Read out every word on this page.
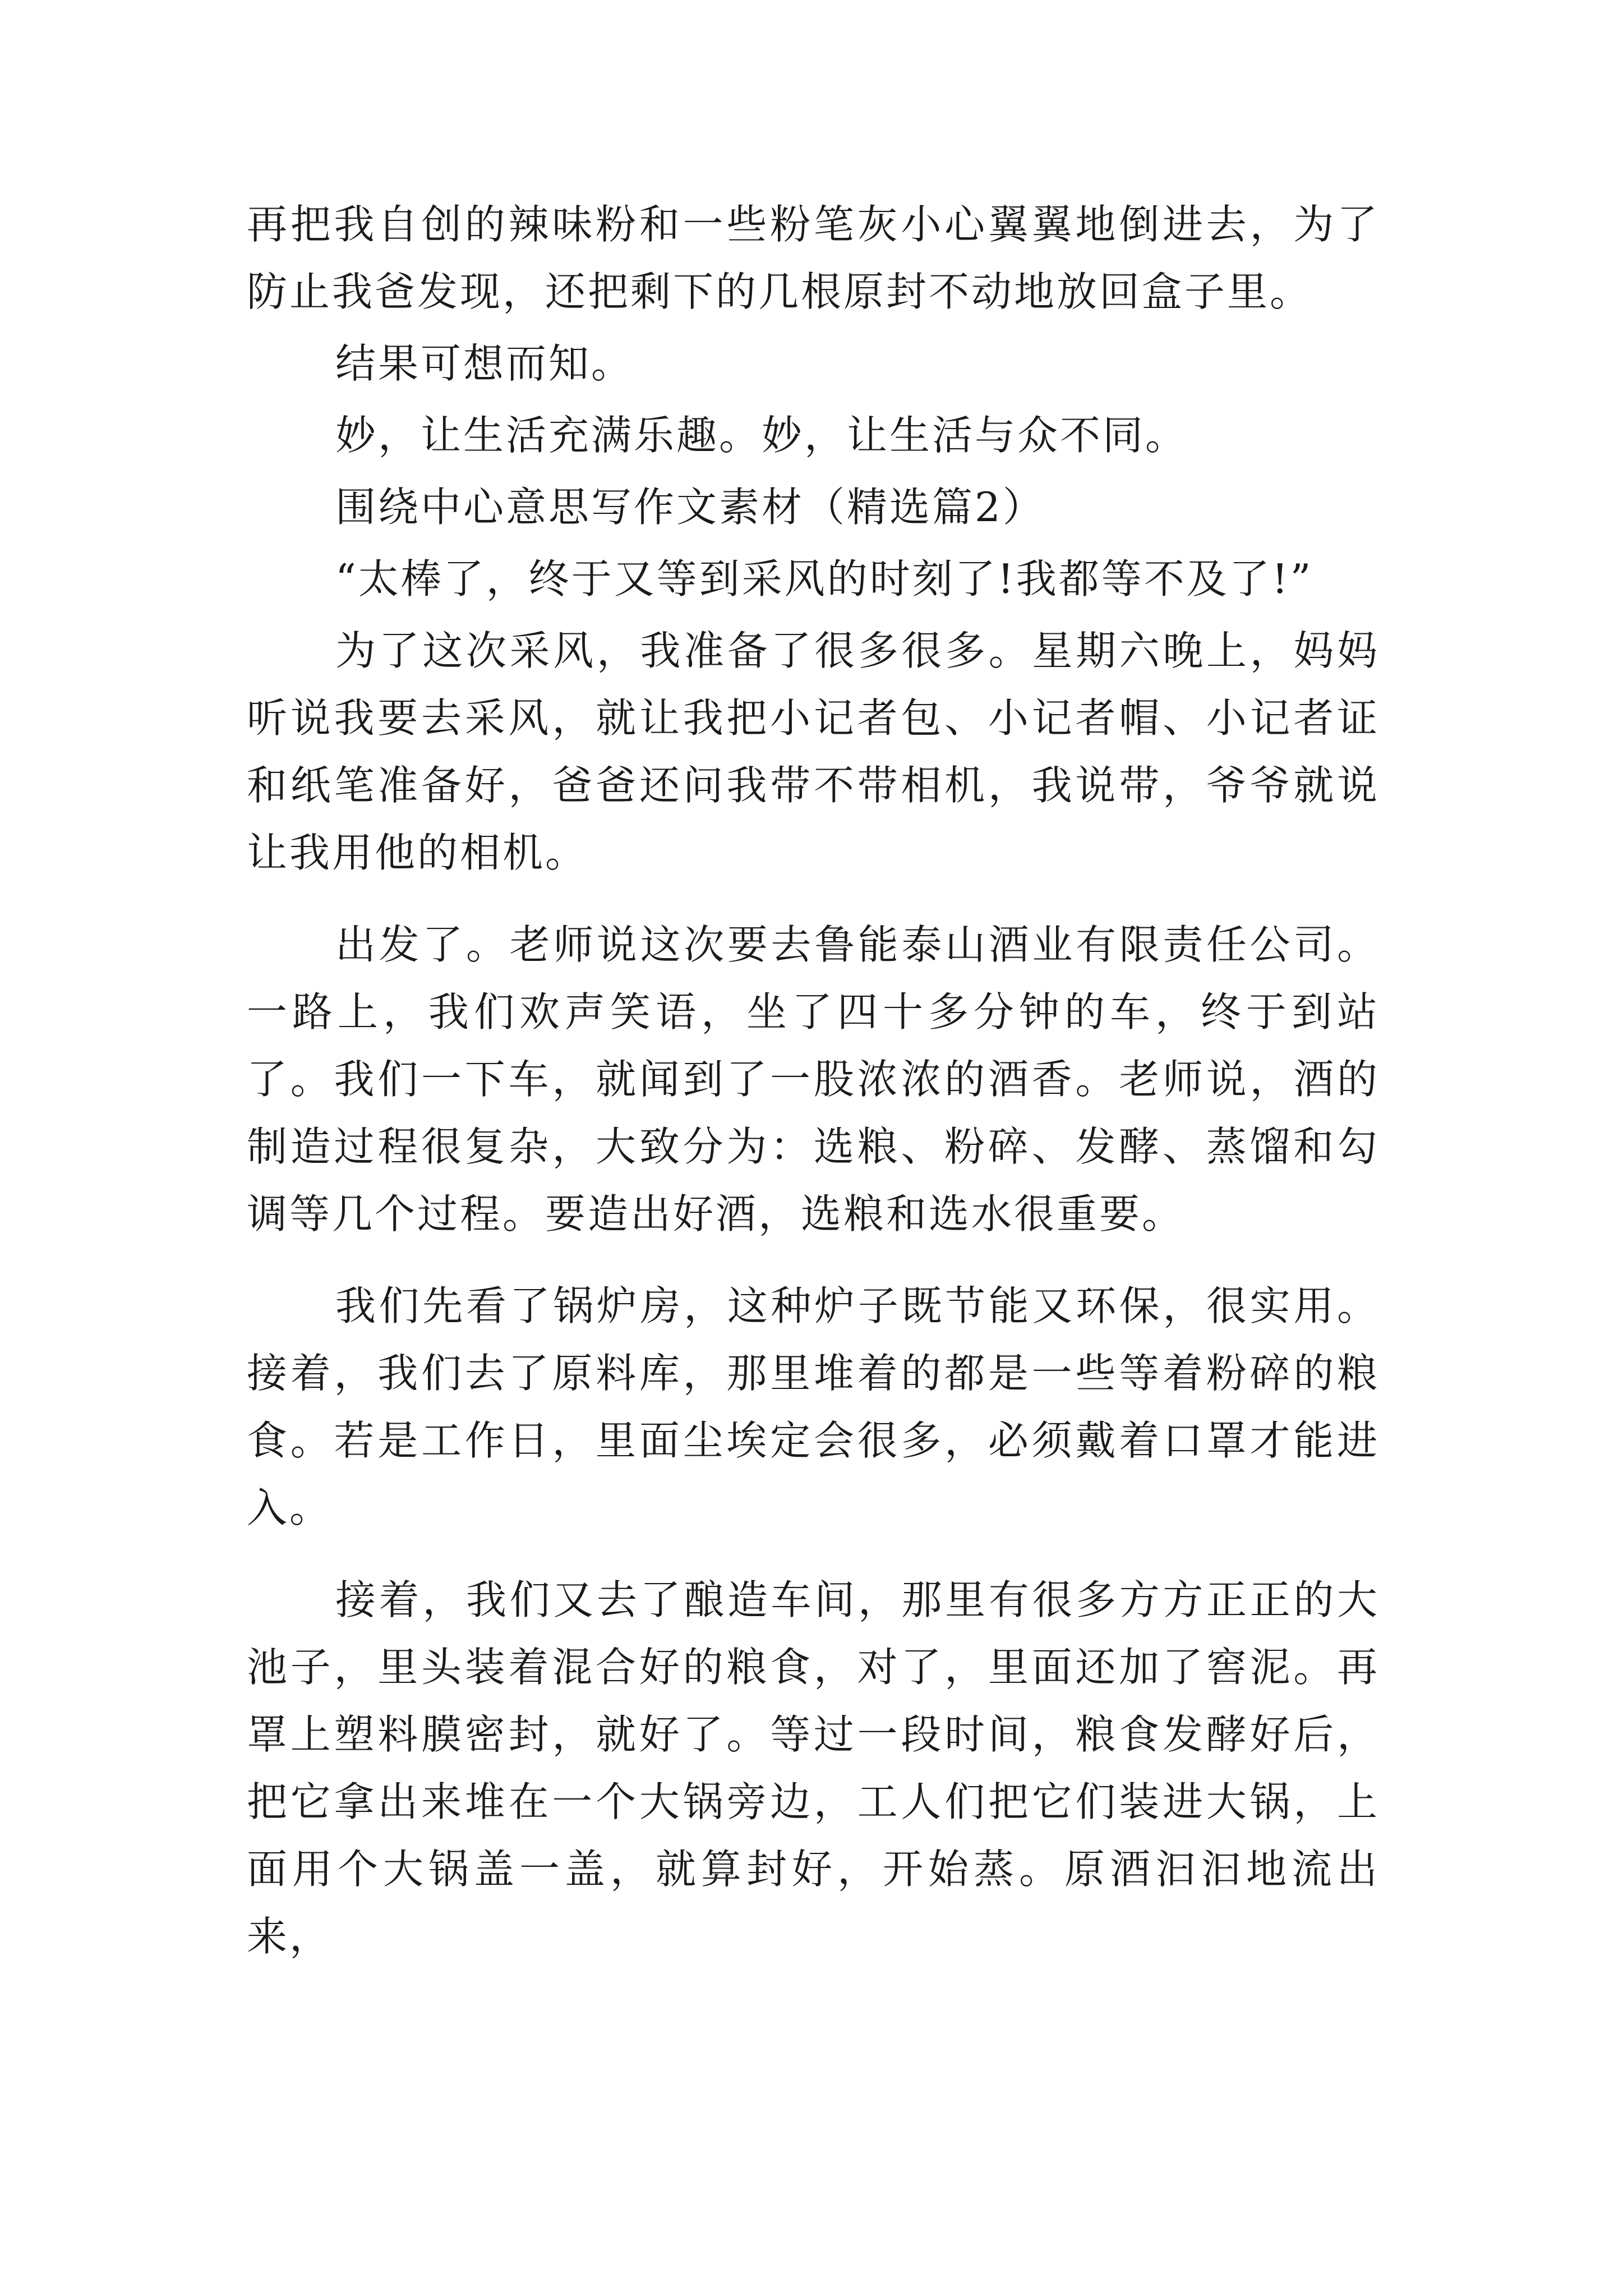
再把我自创的辣味粉和一些粉笔灰小心翼翼地倒进去，为了防止我爸发现，还把剩下的几根原封不动地放回盒子里。

结果可想而知。

妙，让生活充满乐趣。妙，让生活与众不同。

围绕中心意思写作文素材（精选篇2）

“太棒了，终于又等到采风的时刻了!我都等不及了!”

为了这次采风，我准备了很多很多。星期六晚上，妈妈听说我要去采风，就让我把小记者包、小记者帽、小记者证和纸笔准备好，爸爸还问我带不带相机，我说带，爷爷就说让我用他的相机。

出发了。老师说这次要去鲁能泰山酒业有限责任公司。一路上，我们欢声笑语，坐了四十多分钟的车，终于到站了。我们一下车，就闻到了一股浓浓的酒香。老师说，酒的制造过程很复杂，大致分为：选粮、粉碎、发酵、蒸馏和勾调等几个过程。要造出好酒，选粮和选水很重要。

我们先看了锅炉房，这种炉子既节能又环保，很实用。接着，我们去了原料库，那里堆着的都是一些等着粉碎的粮食。若是工作日，里面尘埃定会很多，必须戴着口罩才能进入。

接着，我们又去了酿造车间，那里有很多方方正正的大池子，里头装着混合好的粮食，对了，里面还加了窖泥。再罩上塑料膜密封，就好了。等过一段时间，粮食发酵好后，把它拿出来堆在一个大锅旁边，工人们把它们装进大锅，上面用个大锅盖一盖，就算封好，开始蒸。原酒汩汩地流出来，
